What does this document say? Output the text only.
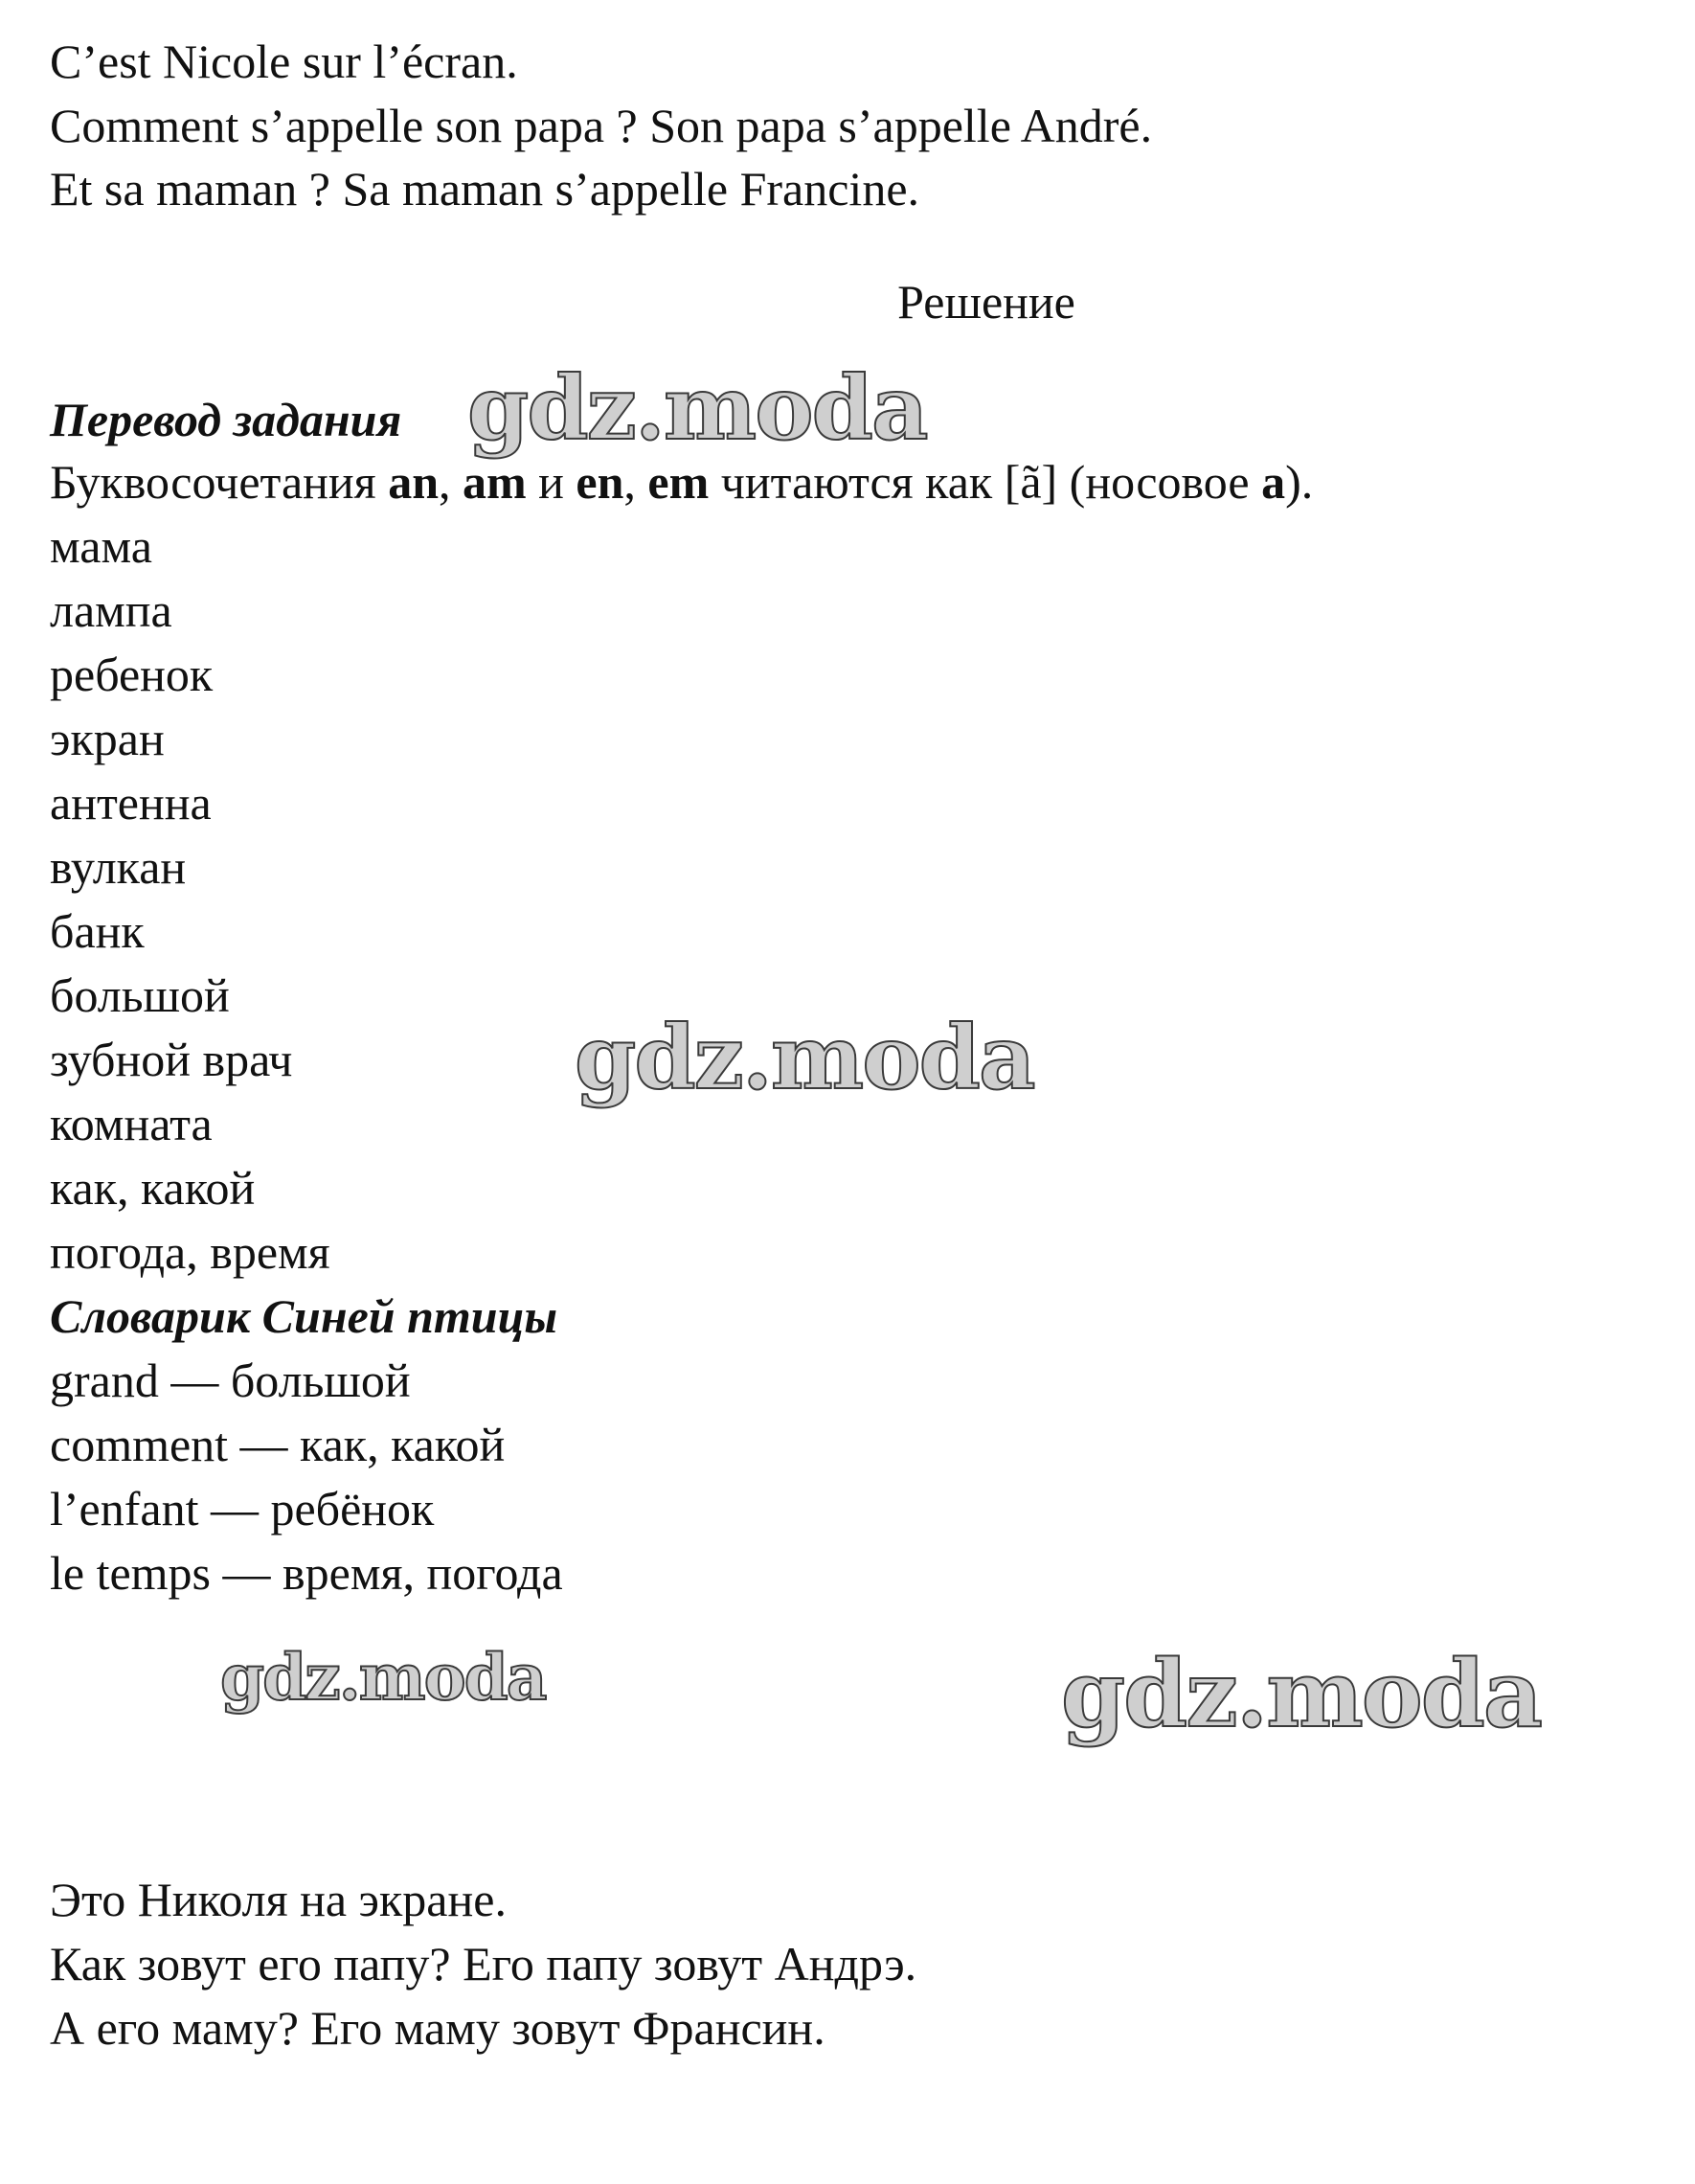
C’est Nicole sur l’écran.

Comment s’appelle son papa ? Son papa s’appelle André.

Et sa maman ? Sa maman s’appelle Francine.

Решение

Перевод задания

Буквосочетания an, am и en, em читаются как [ã] (носовое a).

мама

лампа

ребенок

экран

антенна

вулкан

банк

большой

зубной врач

комната

как, какой

погода, время

Словарик Синей птицы

grand — большой

comment — как, какой

l’enfant — ребёнок

le temps — время, погода

Это Николя на экране.

Как зовут его папу? Его папу зовут Андрэ.

А его маму? Его маму зовут Франсин.

gdz.moda
gdz.moda
gdz.moda	gdz.moda
